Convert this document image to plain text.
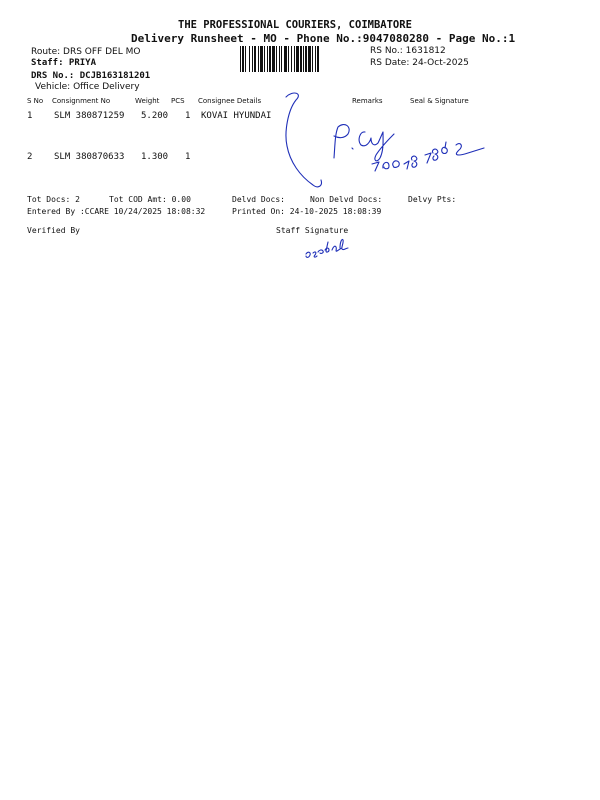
THE PROFESSIONAL COURIERS, COIMBATORE
Delivery Runsheet - MO - Phone No.:9047080280 - Page No.:1
Route: DRS OFF DEL MO
Staff: PRIYA
DRS No.: DCJB163181201
Vehicle: Office Delivery
RS No.: 1631812
RS Date: 24-Oct-2025
S No Consignment No	Weight PCS Consignee Details	Remarks	Seal & Signature
1 SLM 380871259 5.200 1 KOVAI HYUNDAI
2 SLM 380870633 1.300 1
Tot Docs: 2	Tot COD Amt: 0.00	Delvd Docs:	Non Delvd Docs:	Delvy Pts:
Entered By :CCARE 10/24/2025 18:08:32	Printed On: 24-10-2025 18:08:39
Verified By	Staff Signature
